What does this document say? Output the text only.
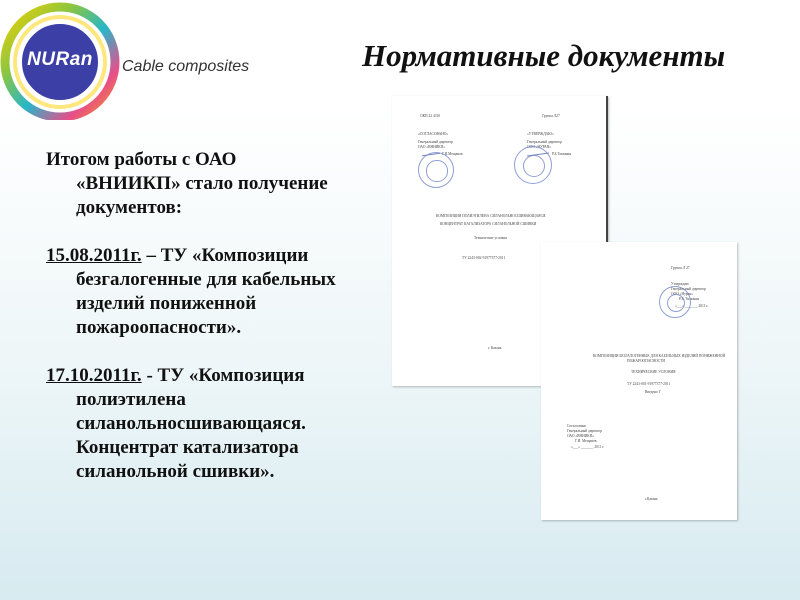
NURan	Cable composites	Нормативные документы
Итогом работы с ОАО
«ВНИИКП» стало получение
документов:
15.08.2011г. – ТУ «Композиции
безгалогенные для кабельных
изделий пониженной
пожароопасности».
17.10.2011г. - ТУ «Композиция
полиэтилена
силанольносшивающаяся.
Концентрат катализатора
силанольной сшивки».
ОКП 22 4310	Группа Л27
«СОГЛАСОВАНО»	«УТВЕРЖДАЮ»
Генеральный директор
ОАО «ВНИИКП»
Г.И.Мещанов
Генеральный директор
ООО «НУРАН»
Р.Б.Тимонин
КОМПОЗИЦИЯ ПОЛИЭТИЛЕНА СИЛАНОЛЬНОСШИВАЮЩАЯСЯ.
КОНЦЕНТРАТ КАТАЛИЗАТОРА СИЛАНОЛЬНОЙ СШИВКИ
Технические условия
ТУ 2243-002-91977377-2011
г. Казань
Группа Л 27
Утверждаю
Генеральный директор
ООО «Нуран»
Р.Б. Тимонин
«___» _______ 2011 г.
КОМПОЗИЦИИ БЕЗГАЛОГЕННЫЕ ДЛЯ КАБЕЛЬНЫХ ИЗДЕЛИЙ ПОНИЖЕННОЙ
ПОЖАРООПАСНОСТИ
ТЕХНИЧЕСКИЕ УСЛОВИЯ
ТУ 2243-001-91977377-2011
Введено Г
Согласовано
Генеральный директор
ОАО «ВНИИКП»
Г.И. Мещанов
«___» _______ 2011 г.
г.Казань
